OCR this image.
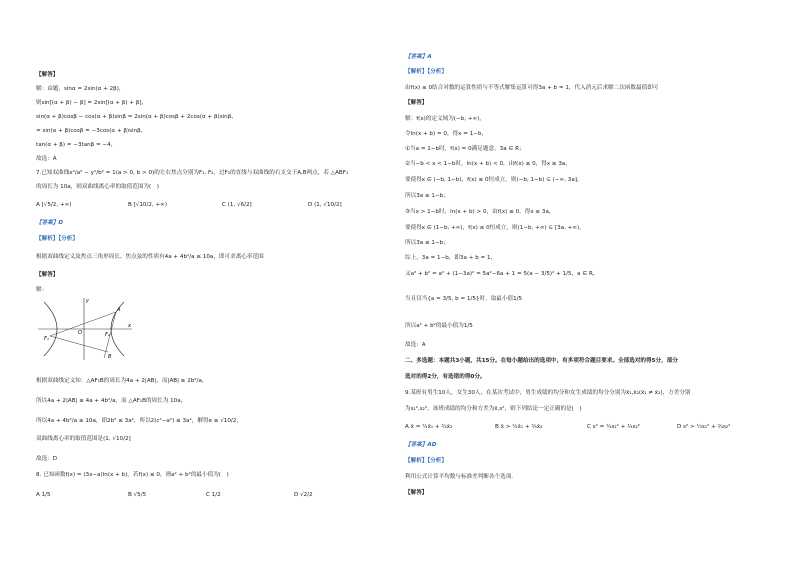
【解答】
解：由题，sinα = 2sin(α + 2β)，
则sin[(α + β) − β] = 2sin[(α + β) + β]，
sin(α + β)cosβ − cos(α + β)sinβ = 2sin(α + β)cosβ + 2cos(α + β)sinβ，
= sin(α + β)cosβ = −3cos(α + β)sinβ，
tan(α + β) = −3tanβ = −4，
故选：A
7.已知双曲线x²/a² − y²/b² = 1(a > 0, b > 0)的左右焦点分别为F₁, F₂，过F₂的直线与双曲线的右支交于A,B两点，若 △ABF₁
的周长为 10a，则双曲线离心率的取值范围为(　)
A [√5/2, +∞)	B [√10/2, +∞)	C (1, √6/2]	D (1, √10/2]
【答案】D
【解析】【分析】
根据双曲线定义及焦点三角形周长、焦点弦的性质有4a + 4b²/a ≤ 10a，即可求离心率范围
【解答】
解：
y
x
O
A
B
F₁
F₂
根据双曲线定义知：△AF₁B的周长为4a + 2|AB|，而|AB| ≥ 2b²/a，
所以4a + 2|AB| ≥ 4a + 4b²/a，而 △AF₁B的周长为 10a，
所以4a + 4b²/a ≤ 10a，即2b² ≤ 3a²，所以2(c²−a²) ≤ 3a²，解得e ≤ √10/2，
双曲线离心率的取值范围是(1, √10/2]
故选：D
8. 已知函数f(x) = (3x−a)ln(x + b)，若f(x) ≤ 0，则a² + b²的最小值为(　)
A 1/5	B √5/5	C 1/2	D √2/2
【答案】A
【解析】【分析】
由f(x) ≤ 0结合对数的运算性质与不等式解集运算可得3a + b = 1，代入消元后求解二次函数最值即可
【解答】
解：f(x)的定义域为(−b, +∞)，
令ln(x + b) = 0，得x = 1−b，
①当a = 1−b时，f(x) = 0满足题意，3a ∈ R；
②当−b < x < 1−b时，ln(x + b) < 0，由f(x) ≤ 0，得x ≥ 3a，
要使得x ∈ (−b, 1−b)，f(x) ≤ 0恒成立，则(−b, 1−b) ⊆ (−∞, 3a]，
所以3a ≥ 1−b；
③当x > 1−b时，ln(x + b) > 0，由f(x) ≤ 0，得x ≤ 3a，
要使得x ∈ (1−b, +∞)，f(x) ≤ 0恒成立，则(1−b, +∞) ⊆ [3a, +∞)，
所以3a ≤ 1−b；
综上，3a = 1−b，即3a + b = 1，
又a² + b² = a² + (1−3a)² = 5a²−6a + 1 = 5(a − 3/5)² + 1/5，a ∈ R，
当且仅当{a = 3/5, b = 1/5}时，取最小值1/5
所以a² + b²的最小值为1/5
故选：A
二、多选题：本题共3小题，共15分。在每小题给出的选项中，有多项符合题目要求。全部选对的得5分，部分
选对的得2分，有选错的得0分。
9.某班有男生10人，女生30人，在某次考试中，男生成绩的均分和女生成绩的均分分别为x̄₁,x̄₂(x̄₁ ≠ x̄₂)，方差分别
为s₁²,s₂²，该班成绩的均分和方差为x̄,s²，则下列结论一定正确的是(　)
A x̄ = ¼x̄₁ + ¾x̄₂	B x̄ > ¼x̄₁ + ¾x̄₂	C s² = ¼s₁² + ¾s₂²	D s² > ¼s₁² + ¾s₂²
【答案】AD
【解析】【分析】
利用公式计算平均数与标准差判断各个选项.
【解答】
